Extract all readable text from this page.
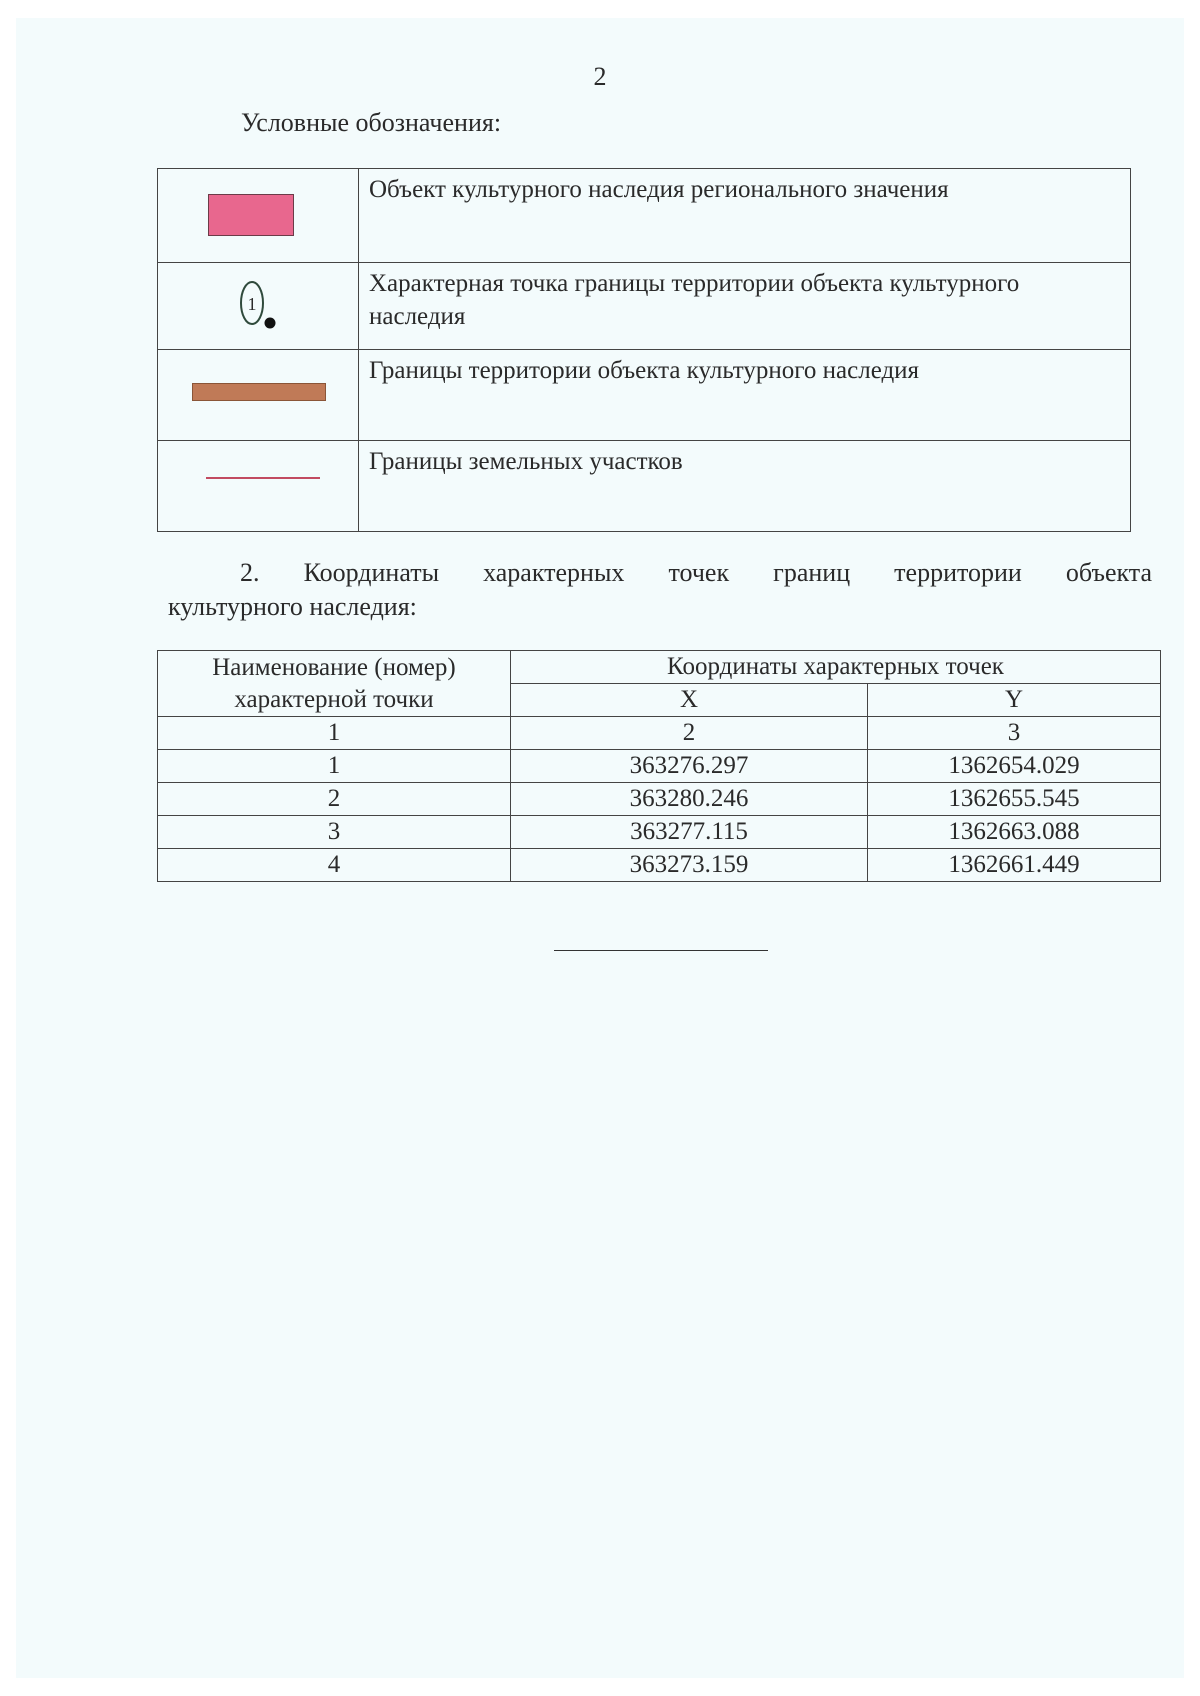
2
Условные обозначения:
	Объект культурного наследия регионального значения

1	Характерная точка границы территории объекта культурного наследия

	Границы территории объекта культурного наследия

	Границы земельных участков
2. Координаты характерных точек границ территории объекта
культурного наследия:
Наименование (номер) характерной точки	Координаты характерных точек	
	X	Y
1	2	3
1	363276.297	1362654.029
2	363280.246	1362655.545
3	363277.115	1362663.088
4	363273.159	1362661.449
